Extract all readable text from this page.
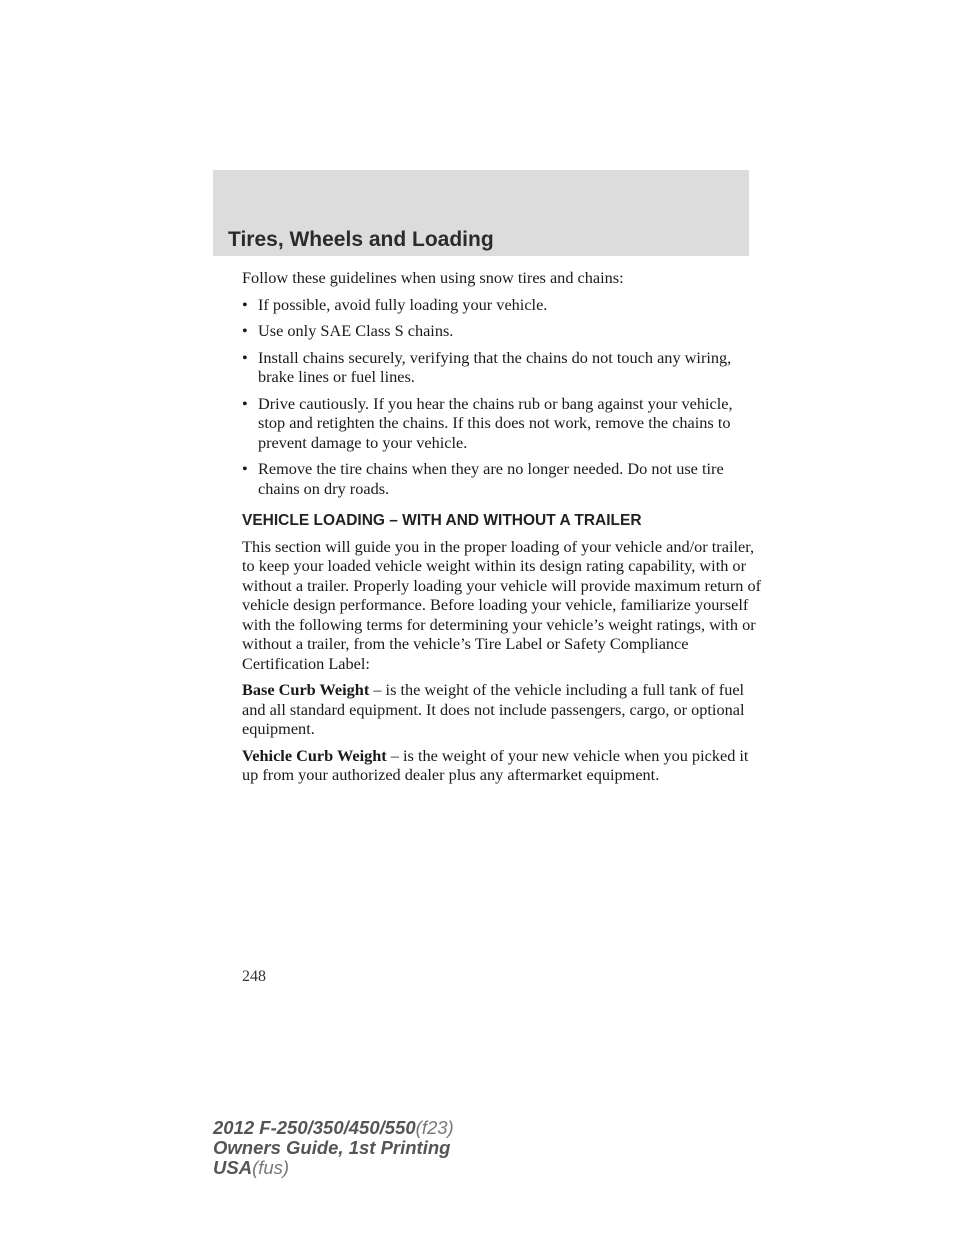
Tires, Wheels and Loading

Follow these guidelines when using snow tires and chains:

• If possible, avoid fully loading your vehicle.
• Use only SAE Class S chains.
• Install chains securely, verifying that the chains do not touch any wiring, brake lines or fuel lines.
• Drive cautiously. If you hear the chains rub or bang against your vehicle, stop and retighten the chains. If this does not work, remove the chains to prevent damage to your vehicle.
• Remove the tire chains when they are no longer needed. Do not use tire chains on dry roads.
VEHICLE LOADING – WITH AND WITHOUT A TRAILER

This section will guide you in the proper loading of your vehicle and/or trailer, to keep your loaded vehicle weight within its design rating capability, with or without a trailer. Properly loading your vehicle will provide maximum return of vehicle design performance. Before loading your vehicle, familiarize yourself with the following terms for determining your vehicle’s weight ratings, with or without a trailer, from the vehicle’s Tire Label or Safety Compliance Certification Label:

Base Curb Weight – is the weight of the vehicle including a full tank of fuel and all standard equipment. It does not include passengers, cargo, or optional equipment.

Vehicle Curb Weight – is the weight of your new vehicle when you picked it up from your authorized dealer plus any aftermarket equipment.

248
2012 F-250/350/450/550(f23)
Owners Guide, 1st Printing
USA(fus)
